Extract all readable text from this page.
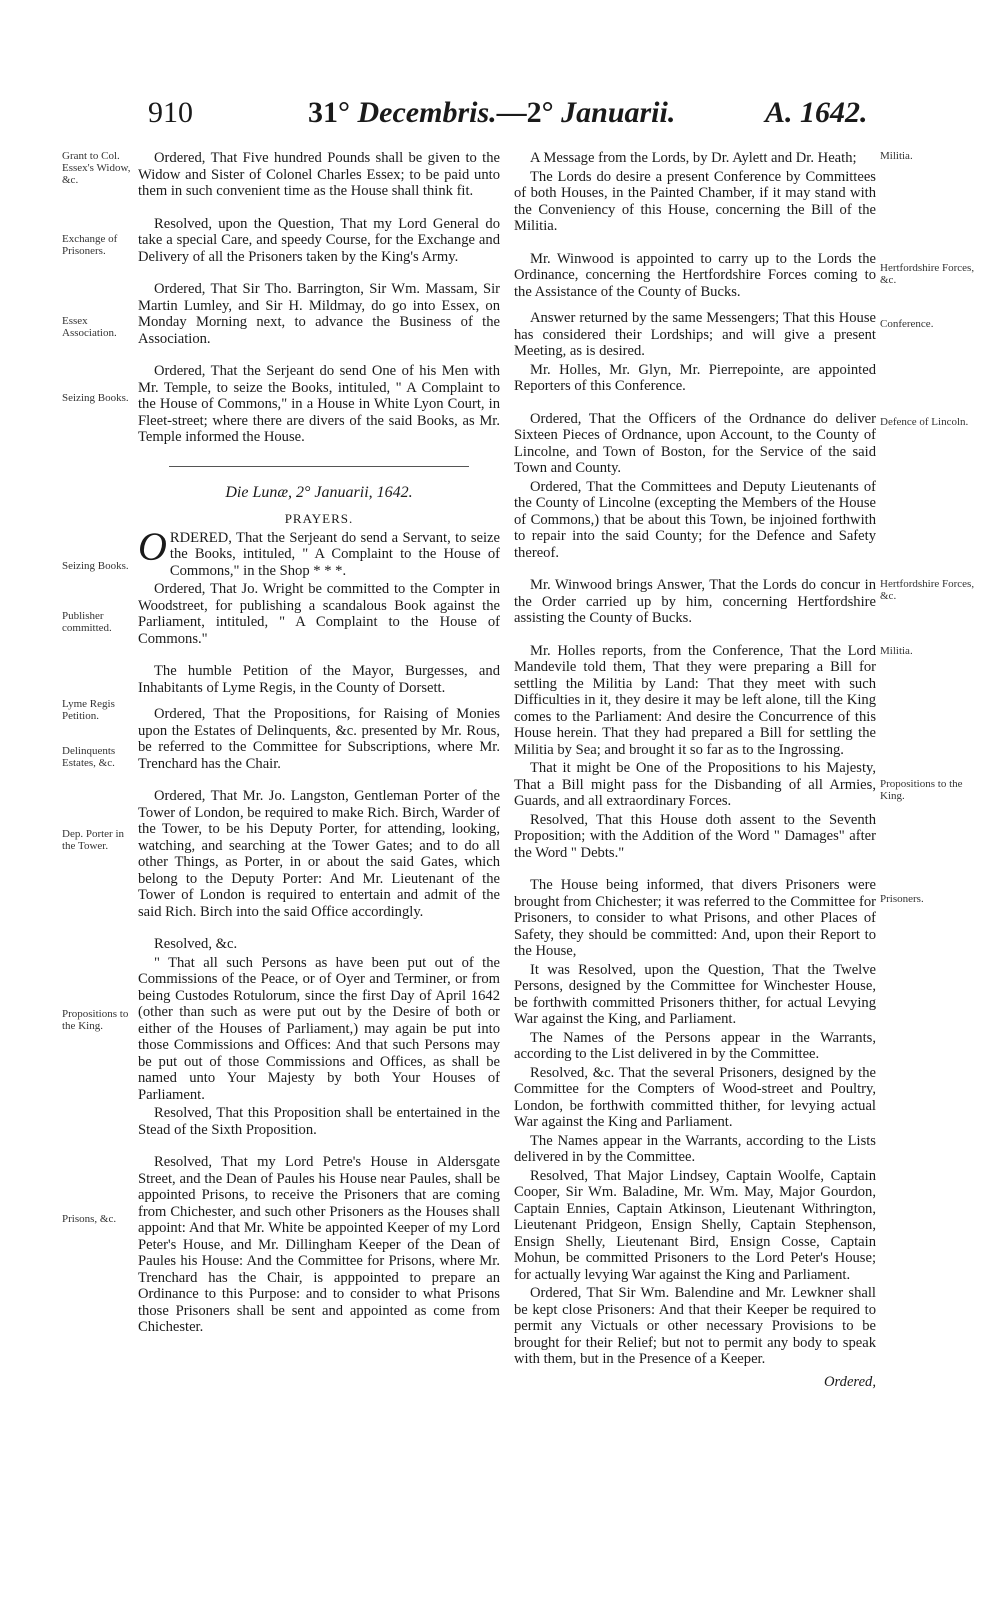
910	31° Decembris.—2° Januarii.	A. 1642.
Grant to Col. Essex's Widow, &c.
Exchange of Prisoners.
Essex Association.
Seizing Books.
Seizing Books.
Publisher committed.
Lyme Regis Petition.
Delinquents Estates, &c.
Dep. Porter in the Tower.
Propositions to the King.
Prisons, &c.

Ordered, That Five hundred Pounds shall be given to the Widow and Sister of Colonel Charles Essex; to be paid unto them in such convenient time as the House shall think fit.

Resolved, upon the Question, That my Lord General do take a special Care, and speedy Course, for the Exchange and Delivery of all the Prisoners taken by the King's Army.

Ordered, That Sir Tho. Barrington, Sir Wm. Massam, Sir Martin Lumley, and Sir H. Mildmay, do go into Essex, on Monday Morning next, to advance the Business of the Association.

Ordered, That the Serjeant do send One of his Men with Mr. Temple, to seize the Books, intituled, " A Complaint to the House of Commons," in a House in White Lyon Court, in Fleet-street; where there are divers of the said Books, as Mr. Temple informed the House.

Die Lunæ, 2° Januarii, 1642.

PRAYERS.

ORDERED, That the Serjeant do send a Servant, to seize the Books, intituled, " A Complaint to the House of Commons," in the Shop * * *.

Ordered, That Jo. Wright be committed to the Compter in Woodstreet, for publishing a scandalous Book against the Parliament, intituled, " A Complaint to the House of Commons."

The humble Petition of the Mayor, Burgesses, and Inhabitants of Lyme Regis, in the County of Dorsett.

Ordered, That the Propositions, for Raising of Monies upon the Estates of Delinquents, &c. presented by Mr. Rous, be referred to the Committee for Subscriptions, where Mr. Trenchard has the Chair.

Ordered, That Mr. Jo. Langston, Gentleman Porter of the Tower of London, be required to make Rich. Birch, Warder of the Tower, to be his Deputy Porter, for attending, looking, watching, and searching at the Tower Gates; and to do all other Things, as Porter, in or about the said Gates, which belong to the Deputy Porter: And Mr. Lieutenant of the Tower of London is required to entertain and admit of the said Rich. Birch into the said Office accordingly.

Resolved, &c.

" That all such Persons as have been put out of the Commissions of the Peace, or of Oyer and Terminer, or from being Custodes Rotulorum, since the first Day of April 1642 (other than such as were put out by the Desire of both or either of the Houses of Parliament,) may again be put into those Commissions and Offices: And that such Persons may be put out of those Commissions and Offices, as shall be named unto Your Majesty by both Your Houses of Parliament.

Resolved, That this Proposition shall be entertained in the Stead of the Sixth Proposition.

Resolved, That my Lord Petre's House in Aldersgate Street, and the Dean of Paules his House near Paules, shall be appointed Prisons, to receive the Prisoners that are coming from Chichester, and such other Prisoners as the Houses shall appoint: And that Mr. White be appointed Keeper of my Lord Peter's House, and Mr. Dillingham Keeper of the Dean of Paules his House: And the Committee for Prisons, where Mr. Trenchard has the Chair, is apppointed to prepare an Ordinance to this Purpose: and to consider to what Prisons those Prisoners shall be sent and appointed as come from Chichester.

A Message from the Lords, by Dr. Aylett and Dr. Heath;

The Lords do desire a present Conference by Committees of both Houses, in the Painted Chamber, if it may stand with the Conveniency of this House, concerning the Bill of the Militia.

Mr. Winwood is appointed to carry up to the Lords the Ordinance, concerning the Hertfordshire Forces coming to the Assistance of the County of Bucks.

Answer returned by the same Messengers; That this House has considered their Lordships; and will give a present Meeting, as is desired.

Mr. Holles, Mr. Glyn, Mr. Pierrepointe, are appointed Reporters of this Conference.

Ordered, That the Officers of the Ordnance do deliver Sixteen Pieces of Ordnance, upon Account, to the County of Lincolne, and Town of Boston, for the Service of the said Town and County.

Ordered, That the Committees and Deputy Lieutenants of the County of Lincolne (excepting the Members of the House of Commons,) that be about this Town, be injoined forthwith to repair into the said County; for the Defence and Safety thereof.

Mr. Winwood brings Answer, That the Lords do concur in the Order carried up by him, concerning Hertfordshire assisting the County of Bucks.

Mr. Holles reports, from the Conference, That the Lord Mandevile told them, That they were preparing a Bill for settling the Militia by Land: That they meet with such Difficulties in it, they desire it may be left alone, till the King comes to the Parliament: And desire the Concurrence of this House herein. That they had prepared a Bill for settling the Militia by Sea; and brought it so far as to the Ingrossing.

That it might be One of the Propositions to his Majesty, That a Bill might pass for the Disbanding of all Armies, Guards, and all extraordinary Forces.

Resolved, That this House doth assent to the Seventh Proposition; with the Addition of the Word " Damages" after the Word " Debts."

The House being informed, that divers Prisoners were brought from Chichester; it was referred to the Committee for Prisoners, to consider to what Prisons, and other Places of Safety, they should be committed: And, upon their Report to the House,

It was Resolved, upon the Question, That the Twelve Persons, designed by the Committee for Winchester House, be forthwith committed Prisoners thither, for actual Levying War against the King, and Parliament.

The Names of the Persons appear in the Warrants, according to the List delivered in by the Committee.

Resolved, &c. That the several Prisoners, designed by the Committee for the Compters of Wood-street and Poultry, London, be forthwith committed thither, for levying actual War against the King and Parliament.

The Names appear in the Warrants, according to the Lists delivered in by the Committee.

Resolved, That Major Lindsey, Captain Woolfe, Captain Cooper, Sir Wm. Baladine, Mr. Wm. May, Major Gourdon, Captain Ennies, Captain Atkinson, Lieutenant Withrington, Lieutenant Pridgeon, Ensign Shelly, Captain Stephenson, Ensign Shelly, Lieutenant Bird, Ensign Cosse, Captain Mohun, be committed Prisoners to the Lord Peter's House; for actually levying War against the King and Parliament.

Ordered, That Sir Wm. Balendine and Mr. Lewkner shall be kept close Prisoners: And that their Keeper be required to permit any Victuals or other necessary Provisions to be brought for their Relief; but not to permit any body to speak with them, but in the Presence of a Keeper.

Ordered,

Militia.
Hertfordshire Forces, &c.
Conference.
Defence of Lincoln.
Hertfordshire Forces, &c.
Militia.
Propositions to the King.
Prisoners.
